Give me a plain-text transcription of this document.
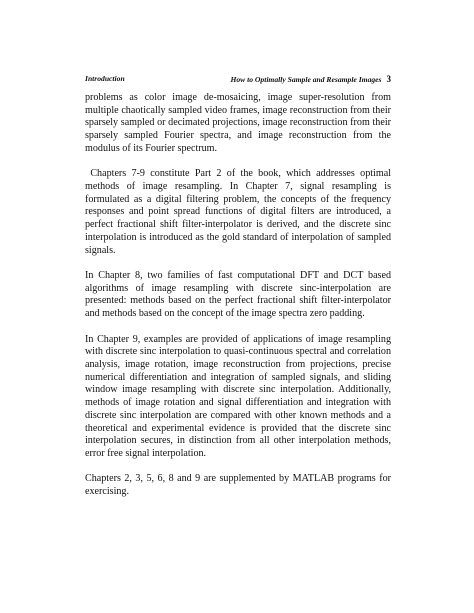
Introduction	How to Optimally Sample and Resample Images 3

problems as color image de-mosaicing, image super-resolution from multiple chaotically sampled video frames, image reconstruction from their sparsely sampled or decimated projections, image reconstruction from their sparsely sampled Fourier spectra, and image reconstruction from the modulus of its Fourier spectrum.

Chapters 7-9 constitute Part 2 of the book, which addresses optimal methods of image resampling. In Chapter 7, signal resampling is formulated as a digital filtering problem, the concepts of the frequency responses and point spread functions of digital filters are introduced, a perfect fractional shift filter-interpolator is derived, and the discrete sinc interpolation is introduced as the gold standard of interpolation of sampled signals.

In Chapter 8, two families of fast computational DFT and DCT based algorithms of image resampling with discrete sinc-interpolation are presented: methods based on the perfect fractional shift filter-interpolator and methods based on the concept of the image spectra zero padding.

In Chapter 9, examples are provided of applications of image resampling with discrete sinc interpolation to quasi-continuous spectral and correlation analysis, image rotation, image reconstruction from projections, precise numerical differentiation and integration of sampled signals, and sliding window image resampling with discrete sinc interpolation. Additionally, methods of image rotation and signal differentiation and integration with discrete sinc interpolation are compared with other known methods and a theoretical and experimental evidence is provided that the discrete sinc interpolation secures, in distinction from all other interpolation methods, error free signal interpolation.

Chapters 2, 3, 5, 6, 8 and 9 are supplemented by MATLAB programs for exercising.
